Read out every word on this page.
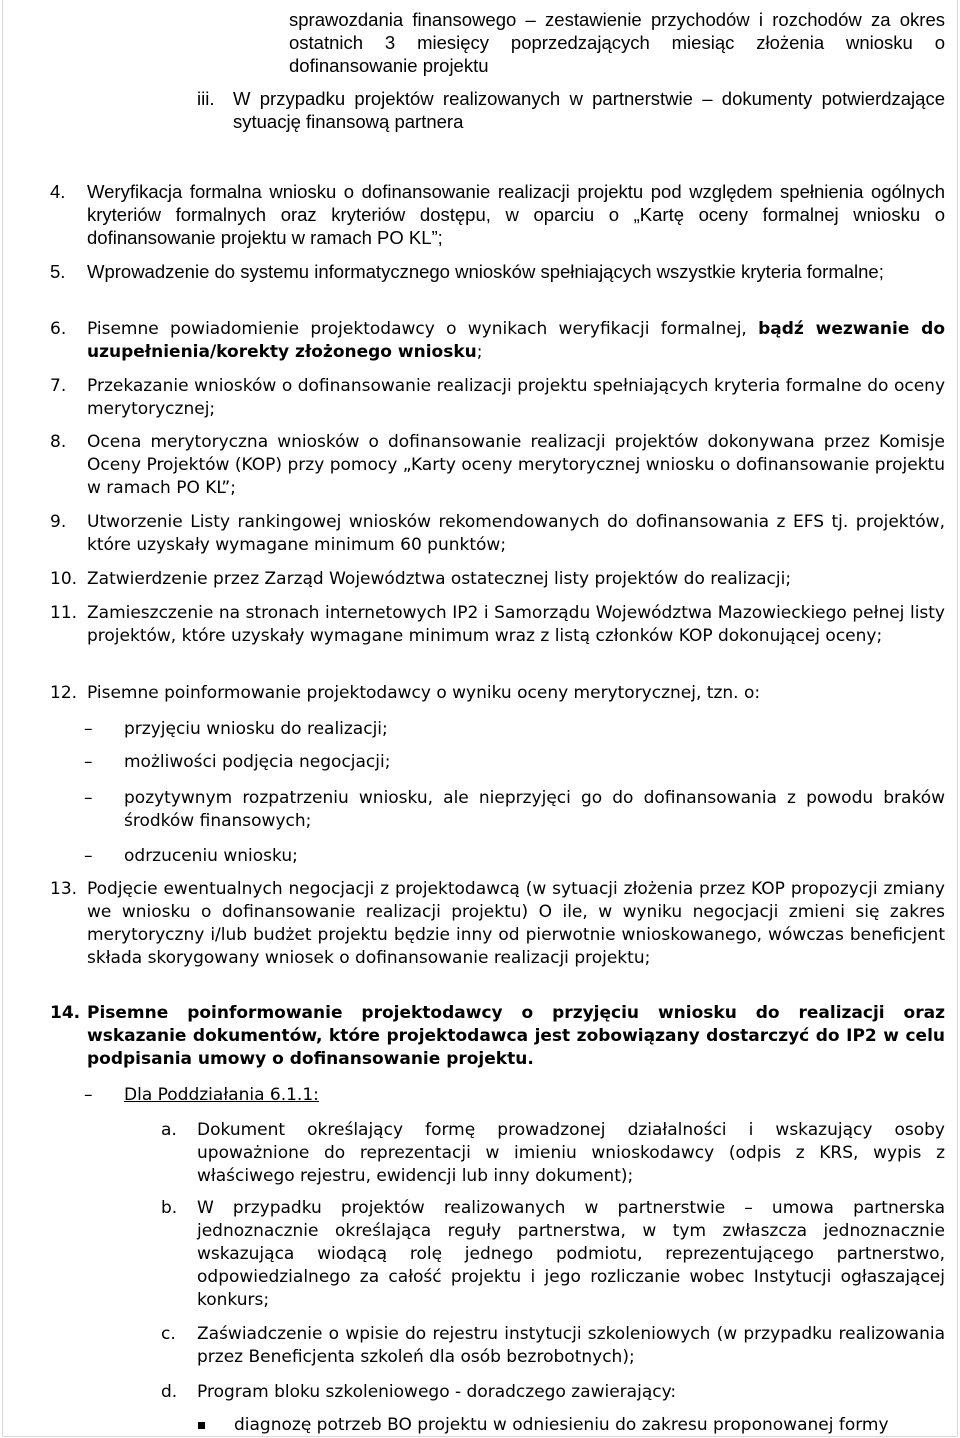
sprawozdania finansowego – zestawienie przychodów i rozchodów za okres ostatnich 3 miesięcy poprzedzających miesiąc złożenia wniosku o dofinansowanie projektu
iii. W przypadku projektów realizowanych w partnerstwie – dokumenty potwierdzające sytuację finansową partnera
4. Weryfikacja formalna wniosku o dofinansowanie realizacji projektu pod względem spełnienia ogólnych kryteriów formalnych oraz kryteriów dostępu, w oparciu o „Kartę oceny formalnej wniosku o dofinansowanie projektu w ramach PO KL”;
5. Wprowadzenie do systemu informatycznego wniosków spełniających wszystkie kryteria formalne;
6. Pisemne powiadomienie projektodawcy o wynikach weryfikacji formalnej, bądź wezwanie do uzupełnienia/korekty złożonego wniosku;
7. Przekazanie wniosków o dofinansowanie realizacji projektu spełniających kryteria formalne do oceny merytorycznej;
8. Ocena merytoryczna wniosków o dofinansowanie realizacji projektów dokonywana przez Komisje Oceny Projektów (KOP) przy pomocy „Karty oceny merytorycznej wniosku o dofinansowanie projektu w ramach PO KL”;
9. Utworzenie Listy rankingowej wniosków rekomendowanych do dofinansowania z EFS tj. projektów, które uzyskały wymagane minimum 60 punktów;
10. Zatwierdzenie przez Zarząd Województwa ostatecznej listy projektów do realizacji;
11. Zamieszczenie na stronach internetowych IP2 i Samorządu Województwa Mazowieckiego pełnej listy projektów, które uzyskały wymagane minimum wraz z listą członków KOP dokonującej oceny;
12. Pisemne poinformowanie projektodawcy o wyniku oceny merytorycznej, tzn. o:
– przyjęciu wniosku do realizacji;
– możliwości podjęcia negocjacji;
– pozytywnym rozpatrzeniu wniosku, ale nieprzyjęci go do dofinansowania z powodu braków środków finansowych;
– odrzuceniu wniosku;
13. Podjęcie ewentualnych negocjacji z projektodawcą (w sytuacji złożenia przez KOP propozycji zmiany we wniosku o dofinansowanie realizacji projektu) O ile, w wyniku negocjacji zmieni się zakres merytoryczny i/lub budżet projektu będzie inny od pierwotnie wnioskowanego, wówczas beneficjent składa skorygowany wniosek o dofinansowanie realizacji projektu;
14. Pisemne poinformowanie projektodawcy o przyjęciu wniosku do realizacji oraz wskazanie dokumentów, które projektodawca jest zobowiązany dostarczyć do IP2 w celu podpisania umowy o dofinansowanie projektu.
– Dla Poddziałania 6.1.1:
a. Dokument określający formę prowadzonej działalności i wskazujący osoby upoważnione do reprezentacji w imieniu wnioskodawcy (odpis z KRS, wypis z właściwego rejestru, ewidencji lub inny dokument);
b. W przypadku projektów realizowanych w partnerstwie – umowa partnerska jednoznacznie określająca reguły partnerstwa, w tym zwłaszcza jednoznacznie wskazująca wiodącą rolę jednego podmiotu, reprezentującego partnerstwo, odpowiedzialnego za całość projektu i jego rozliczanie wobec Instytucji ogłaszającej konkurs;
c. Zaświadczenie o wpisie do rejestru instytucji szkoleniowych (w przypadku realizowania przez Beneficjenta szkoleń dla osób bezrobotnych);
d. Program bloku szkoleniowego - doradczego zawierający:
diagnozę potrzeb BO projektu w odniesieniu do zakresu proponowanej formy
